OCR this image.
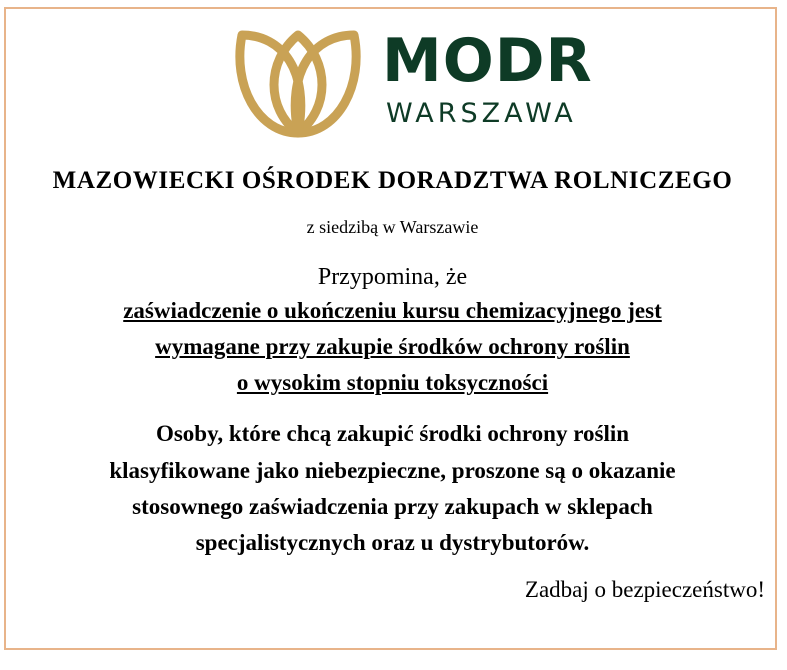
MODR
WARSZAWA
MAZOWIECKI OŚRODEK DORADZTWA ROLNICZEGO
z siedzibą w Warszawie
Przypomina, że
zaświadczenie o ukończeniu kursu chemizacyjnego jest
wymagane przy zakupie środków ochrony roślin
o wysokim stopniu toksyczności
Osoby, które chcą zakupić środki ochrony roślin
klasyfikowane jako niebezpieczne, proszone są o okazanie
stosownego zaświadczenia przy zakupach w sklepach
specjalistycznych oraz u dystrybutorów.
Zadbaj o bezpieczeństwo!
